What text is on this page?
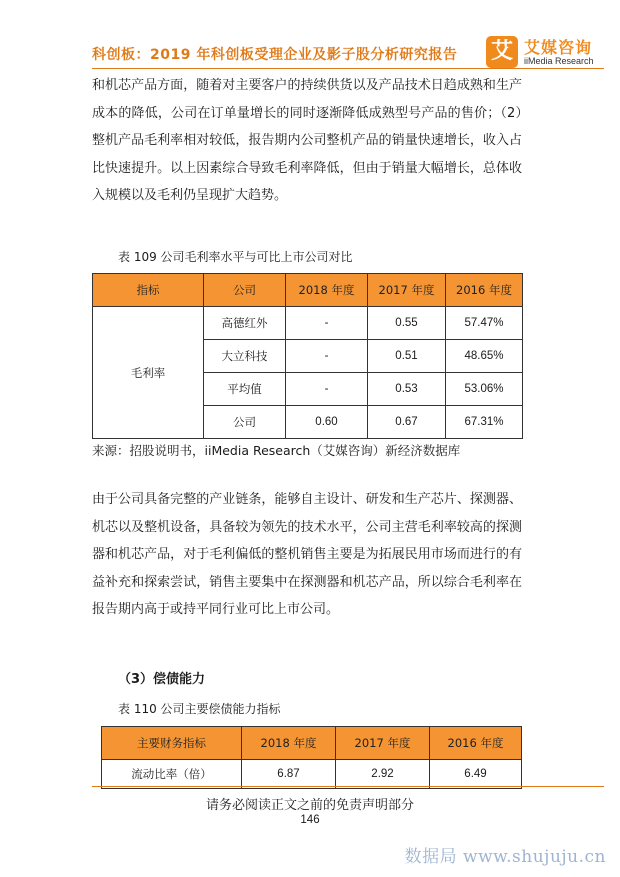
科创板：2019 年科创板受理企业及影子股分析研究报告 艾 艾媒咨询
iiMedia Research

和机芯产品方面，随着对主要客户的持续供货以及产品技术日趋成熟和生产成本的降低，公司在订单量增长的同时逐渐降低成熟型号产品的售价；（2）整机产品毛利率相对较低，报告期内公司整机产品的销量快速增长，收入占比快速提升。以上因素综合导致毛利率降低，但由于销量大幅增长，总体收入规模以及毛利仍呈现扩大趋势。

表 109 公司毛利率水平与可比上市公司对比
指标	公司	2018 年度	2017 年度	2016 年度
毛利率	高德红外	-	0.55	57.47%
	大立科技	-	0.51	48.65%
	平均值	-	0.53	53.06%
	公司	0.60	0.67	67.31%
来源：招股说明书，iiMedia Research（艾媒咨询）新经济数据库

由于公司具备完整的产业链条，能够自主设计、研发和生产芯片、探测器、机芯以及整机设备，具备较为领先的技术水平，公司主营毛利率较高的探测器和机芯产品，对于毛利偏低的整机销售主要是为拓展民用市场而进行的有益补充和探索尝试，销售主要集中在探测器和机芯产品，所以综合毛利率在报告期内高于或持平同行业可比上市公司。

（3）偿债能力
表 110 公司主要偿债能力指标
主要财务指标	2018 年度	2017 年度	2016 年度
流动比率（倍）	6.87	2.92	6.49
请务必阅读正文之前的免责声明部分
146
数据局 www.shujuju.cn
